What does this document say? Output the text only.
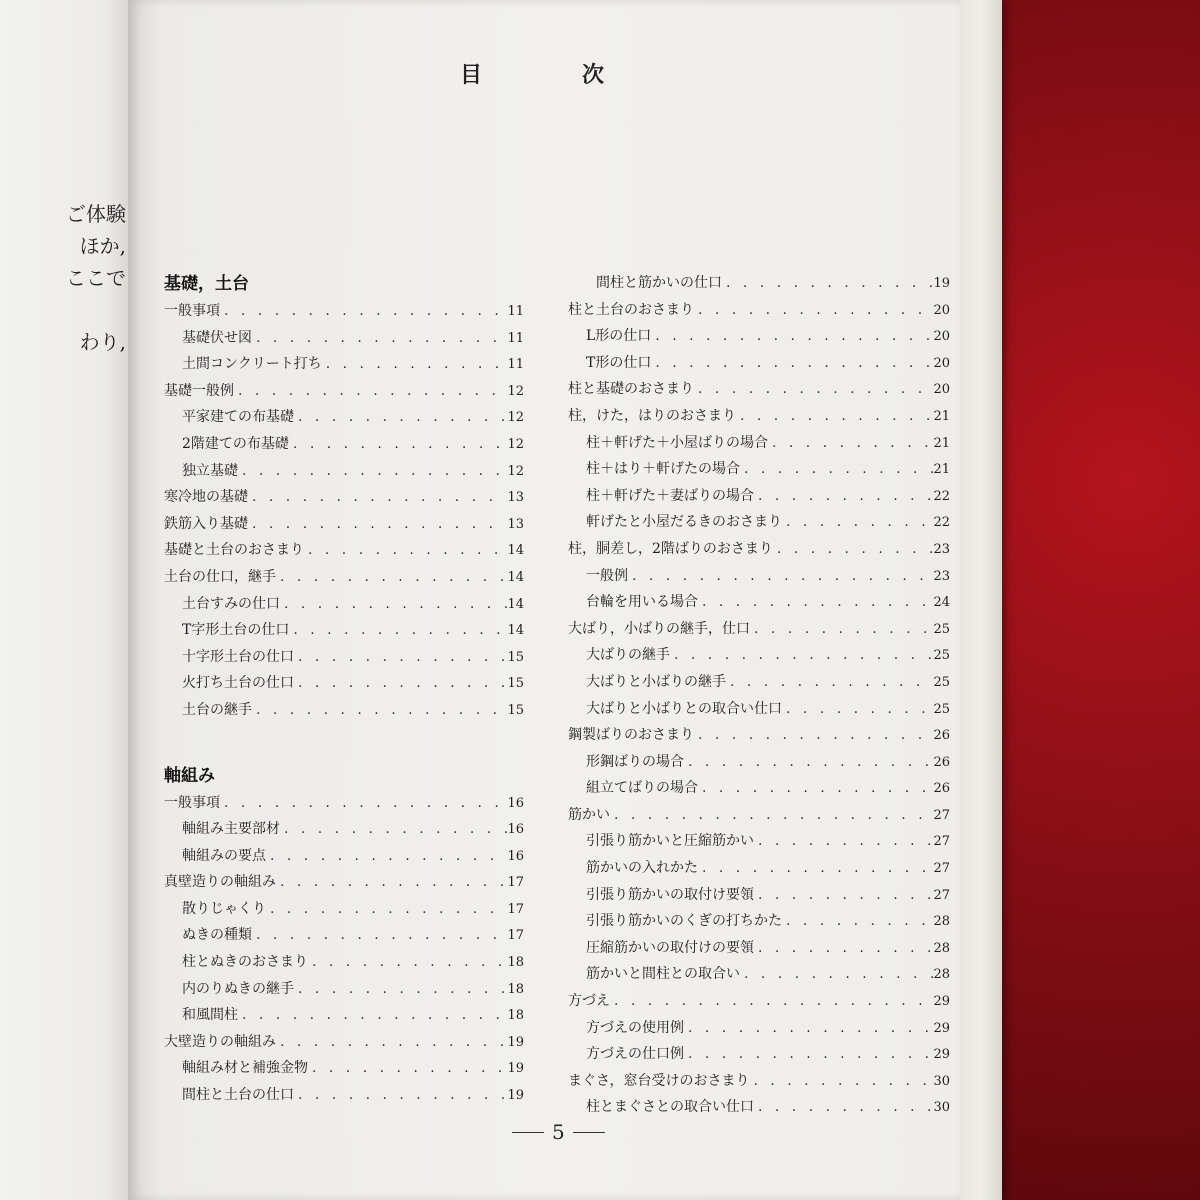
ご体験
ほか,
ここで
わり,
目	次
基礎，土台
一般事項 . . .	11
基礎伏せ図 . . .	11
土間コンクリート打ち . . .	11
基礎一般例 . . .	12
平家建ての布基礎 . . .	12
2階建ての布基礎 . . .	12
独立基礎 . . .	12
寒冷地の基礎 . . .	13
鉄筋入り基礎 . . .	13
基礎と土台のおさまり . . .	14
土台の仕口，継手 . . .	14
土台すみの仕口 . . .	14
T字形土台の仕口 . . .	14
十字形土台の仕口 . . .	15
火打ち土台の仕口 . . .	15
土台の継手 . . .	15
軸組み
一般事項 . . .	16
軸組み主要部材 . . .	16
軸組みの要点 . . .	16
真壁造りの軸組み . . .	17
散りじゃくり . . .	17
ぬきの種類 . . .	17
柱とぬきのおさまり . . .	18
内のりぬきの継手 . . .	18
和風間柱 . . .	18
大壁造りの軸組み . . .	19
軸組み材と補強金物 . . .	19
間柱と土台の仕口 . . .	19
間柱と筋かいの仕口 . . .	19
柱と土台のおさまり . . .	20
L形の仕口 . . .	20
T形の仕口 . . .	20
柱と基礎のおさまり . . .	20
柱，けた，はりのおさまり . . .	21
柱＋軒げた＋小屋ばりの場合 . . .	21
柱＋はり＋軒げたの場合 . . .	21
柱＋軒げた＋妻ばりの場合 . . .	22
軒げたと小屋だるきのおさまり . . .	22
柱，胴差し，2階ばりのおさまり . . .	23
一般例 . . .	23
台輪を用いる場合 . . .	24
大ばり，小ばりの継手，仕口 . . .	25
大ばりの継手 . . .	25
大ばりと小ばりの継手 . . .	25
大ばりと小ばりとの取合い仕口 . . .	25
鋼製ばりのおさまり . . .	26
形鋼ばりの場合 . . .	26
組立てばりの場合 . . .	26
筋かい . . .	27
引張り筋かいと圧縮筋かい . . .	27
筋かいの入れかた . . .	27
引張り筋かいの取付け要領 . . .	27
引張り筋かいのくぎの打ちかた . . .	28
圧縮筋かいの取付けの要領 . . .	28
筋かいと間柱との取合い . . .	28
方づえ . . .	29
方づえの使用例 . . .	29
方づえの仕口例 . . .	29
まぐさ，窓台受けのおさまり . . .	30
柱とまぐさとの取合い仕口 . . .	30
5
